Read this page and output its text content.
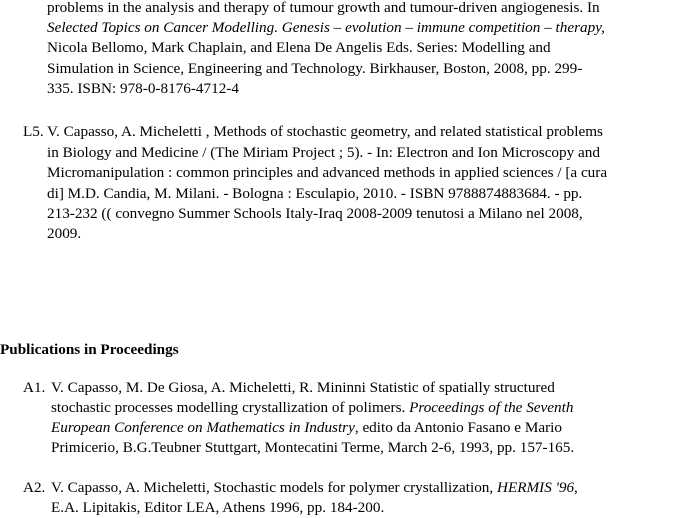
problems in the analysis and therapy of tumour growth and tumour-driven angiogenesis. In
Selected Topics on Cancer Modelling. Genesis – evolution – immune competition – therapy,
Nicola Bellomo, Mark Chaplain, and Elena De Angelis Eds. Series: Modelling and
Simulation in Science, Engineering and Technology. Birkhauser, Boston, 2008, pp. 299-
335. ISBN: 978-0-8176-4712-4
L5. V. Capasso, A. Micheletti , Methods of stochastic geometry, and related statistical problems
in Biology and Medicine / (The Miriam Project ; 5). - In: Electron and Ion Microscopy and
Micromanipulation : common principles and advanced methods in applied sciences / [a cura
di] M.D. Candia, M. Milani. - Bologna : Esculapio, 2010. - ISBN 9788874883684. - pp.
213-232 (( convegno Summer Schools Italy-Iraq 2008-2009 tenutosi a Milano nel 2008,
2009.
Publications in Proceedings
A1. V. Capasso, M. De Giosa, A. Micheletti, R. Mininni Statistic of spatially structured
stochastic processes modelling crystallization of polimers. Proceedings of the Seventh
European Conference on Mathematics in Industry, edito da Antonio Fasano e Mario
Primicerio, B.G.Teubner Stuttgart, Montecatini Terme, March 2-6, 1993, pp. 157-165.
A2. V. Capasso, A. Micheletti, Stochastic models for polymer crystallization, HERMIS '96,
E.A. Lipitakis, Editor LEA, Athens 1996, pp. 184-200.
